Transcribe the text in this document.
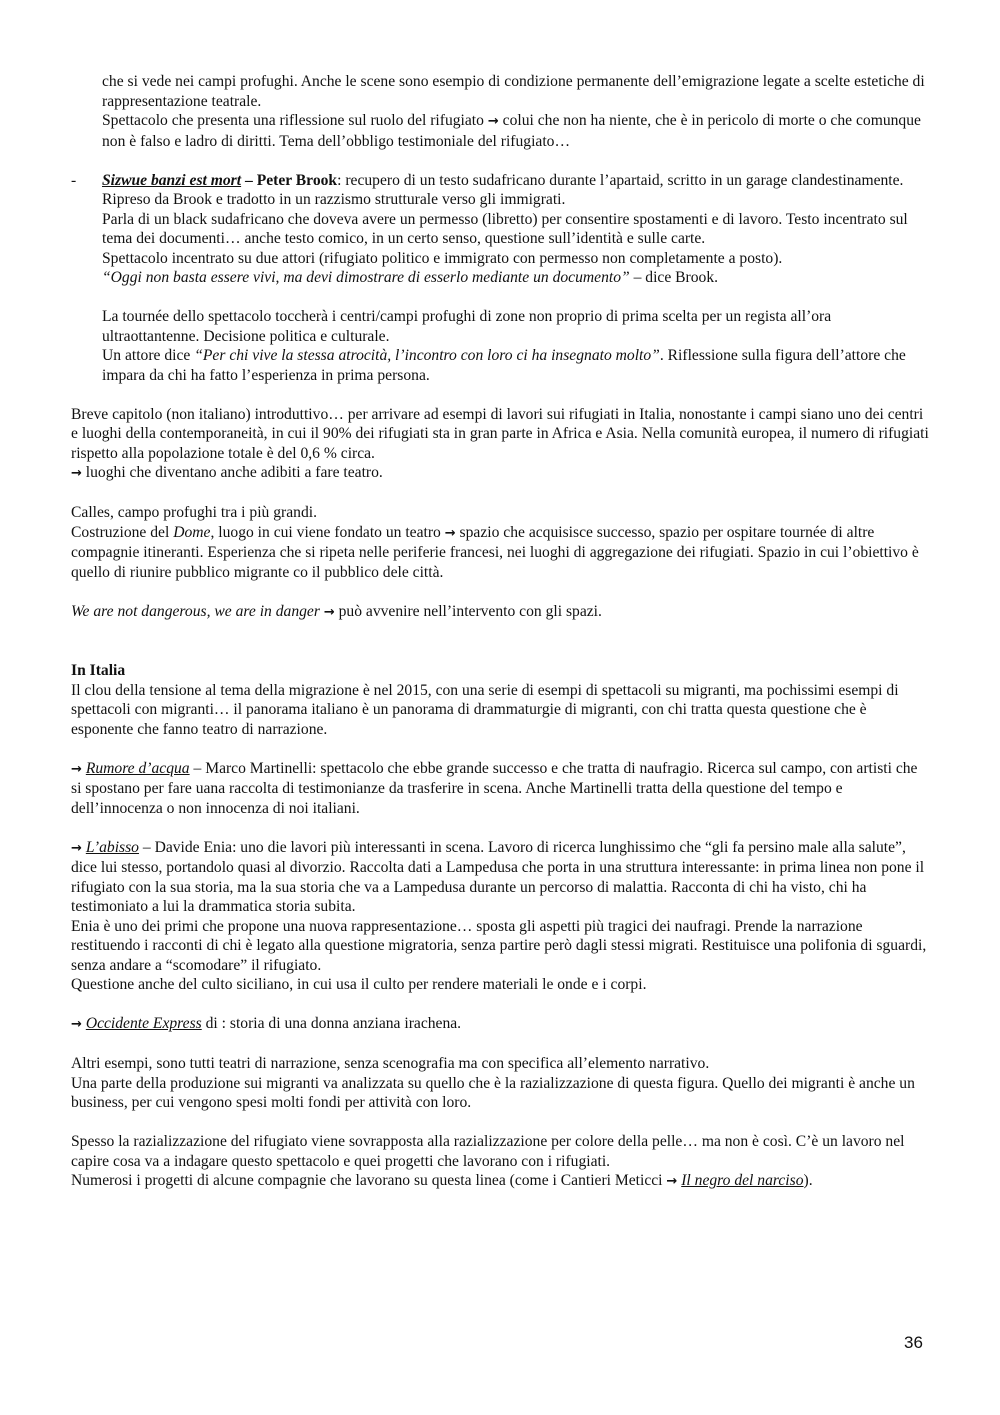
che si vede nei campi profughi. Anche le scene sono esempio di condizione permanente dell’emigrazione legate a scelte estetiche di rappresentazione teatrale.

Spettacolo che presenta una riflessione sul ruolo del rifugiato → colui che non ha niente, che è in pericolo di morte o che comunque non è falso e ladro di diritti. Tema dell’obbligo testimoniale del rifugiato…

- Sizwue banzi est mort – Peter Brook: recupero di un testo sudafricano durante l’apartaid, scritto in un garage clandestinamente. Ripreso da Brook e tradotto in un razzismo strutturale verso gli immigrati.

Parla di un black sudafricano che doveva avere un permesso (libretto) per consentire spostamenti e di lavoro. Testo incentrato sul tema dei documenti… anche testo comico, in un certo senso, questione sull’identità e sulle carte.

Spettacolo incentrato su due attori (rifugiato politico e immigrato con permesso non completamente a posto).

“Oggi non basta essere vivi, ma devi dimostrare di esserlo mediante un documento” – dice Brook.

La tournée dello spettacolo toccherà i centri/campi profughi di zone non proprio di prima scelta per un regista all’ora ultraottantenne. Decisione politica e culturale.

Un attore dice “Per chi vive la stessa atrocità, l’incontro con loro ci ha insegnato molto”. Riflessione sulla figura dell’attore che impara da chi ha fatto l’esperienza in prima persona.

Breve capitolo (non italiano) introduttivo… per arrivare ad esempi di lavori sui rifugiati in Italia, nonostante i campi siano uno dei centri e luoghi della contemporaneità, in cui il 90% dei rifugiati sta in gran parte in Africa e Asia. Nella comunità europea, il numero di rifugiati rispetto alla popolazione totale è del 0,6 % circa.

→ luoghi che diventano anche adibiti a fare teatro.

Calles, campo profughi tra i più grandi.

Costruzione del Dome, luogo in cui viene fondato un teatro → spazio che acquisisce successo, spazio per ospitare tournée di altre compagnie itineranti. Esperienza che si ripeta nelle periferie francesi, nei luoghi di aggregazione dei rifugiati. Spazio in cui l’obiettivo è quello di riunire pubblico migrante co il pubblico dele città.

We are not dangerous, we are in danger → può avvenire nell’intervento con gli spazi.

In Italia

Il clou della tensione al tema della migrazione è nel 2015, con una serie di esempi di spettacoli su migranti, ma pochissimi esempi di spettacoli con migranti… il panorama italiano è un panorama di drammaturgie di migranti, con chi tratta questa questione che è esponente che fanno teatro di narrazione.

→ Rumore d’acqua – Marco Martinelli: spettacolo che ebbe grande successo e che tratta di naufragio. Ricerca sul campo, con artisti che si spostano per fare uana raccolta di testimonianze da trasferire in scena. Anche Martinelli tratta della questione del tempo e dell’innocenza o non innocenza di noi italiani.

→ L’abisso – Davide Enia: uno die lavori più interessanti in scena. Lavoro di ricerca lunghissimo che “gli fa persino male alla salute”, dice lui stesso, portandolo quasi al divorzio. Raccolta dati a Lampedusa che porta in una struttura interessante: in prima linea non pone il rifugiato con la sua storia, ma la sua storia che va a Lampedusa durante un percorso di malattia. Racconta di chi ha visto, chi ha testimoniato a lui la drammatica storia subita.

Enia è uno dei primi che propone una nuova rappresentazione… sposta gli aspetti più tragici dei naufragi. Prende la narrazione restituendo i racconti di chi è legato alla questione migratoria, senza partire però dagli stessi migrati. Restituisce una polifonia di sguardi, senza andare a “scomodare” il rifugiato.

Questione anche del culto siciliano, in cui usa il culto per rendere materiali le onde e i corpi.

→ Occidente Express di : storia di una donna anziana irachena.

Altri esempi, sono tutti teatri di narrazione, senza scenografia ma con specifica all’elemento narrativo.

Una parte della produzione sui migranti va analizzata su quello che è la razializzazione di questa figura. Quello dei migranti è anche un business, per cui vengono spesi molti fondi per attività con loro.

Spesso la razializzazione del rifugiato viene sovrapposta alla razializzazione per colore della pelle… ma non è così. C’è un lavoro nel capire cosa va a indagare questo spettacolo e quei progetti che lavorano con i rifugiati.

Numerosi i progetti di alcune compagnie che lavorano su questa linea (come i Cantieri Meticci → Il negro del narciso).

36
